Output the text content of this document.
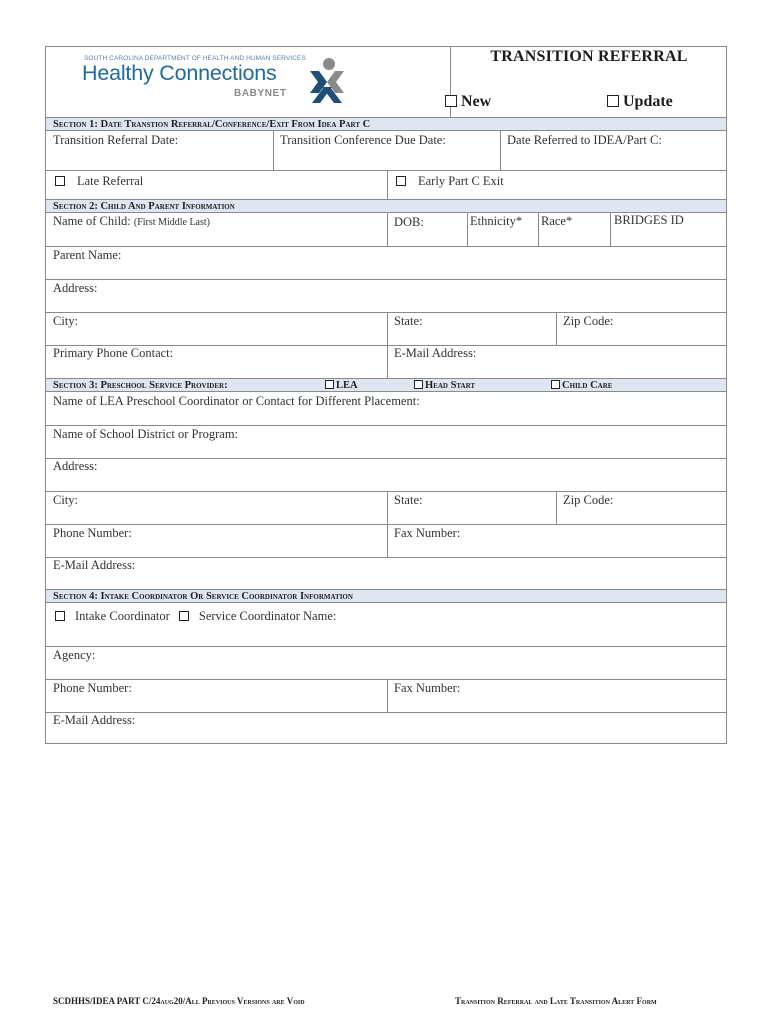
SOUTH CAROLINA DEPARTMENT OF HEALTH AND HUMAN SERVICES
Healthy Connections
BABYNET
TRANSITION REFERRAL
New	Update
Section 1: Date Transtion Referral/Conference/Exit From Idea Part C
Transition Referral Date:	Transition Conference Due Date:	Date Referred to IDEA/Part C:
Late Referral	Early Part C Exit
Section 2: Child And Parent Information
Name of Child: (First Middle Last)	DOB:	Ethnicity* Race*	BRIDGES ID
Parent Name:
Address:
City:	State:	Zip Code:
Primary Phone Contact:	E-Mail Address:
Section 3: Preschool Service Provider:	LEA	Head Start	Child Care
Name of LEA Preschool Coordinator or Contact for Different Placement:
Name of School District or Program:
Address:
City:	State:	Zip Code:
Phone Number:	Fax Number:
E-Mail Address:
Section 4: Intake Coordinator Or Service Coordinator Information
Intake Coordinator Service Coordinator Name:
Agency:
Phone Number:	Fax Number:
E-Mail Address:
SCDHHS/IDEA PART C/24aug20/All Previous Versions are Void	Transition Referral and Late Transition Alert Form
